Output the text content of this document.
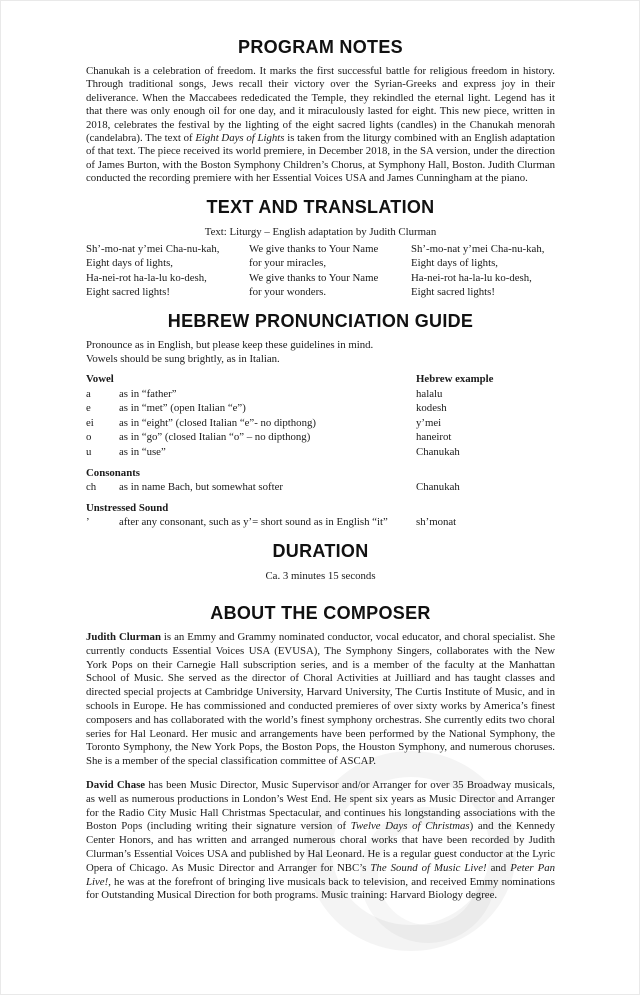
PROGRAM NOTES

Chanukah is a celebration of freedom. It marks the first successful battle for religious freedom in history. Through traditional songs, Jews recall their victory over the Syrian-Greeks and express joy in their deliverance. When the Maccabees rededicated the Temple, they rekindled the eternal light. Legend has it that there was only enough oil for one day, and it miraculously lasted for eight. This new piece, written in 2018, celebrates the festival by the lighting of the eight sacred lights (candles) in the Chanukah menorah (candelabra). The text of Eight Days of Lights is taken from the liturgy combined with an English adaptation of that text. The piece received its world premiere, in December 2018, in the SA version, under the direction of James Burton, with the Boston Symphony Children’s Chorus, at Symphony Hall, Boston. Judith Clurman conducted the recording premiere with her Essential Voices USA and James Cunningham at the piano.

TEXT AND TRANSLATION
Text: Liturgy – English adaptation by Judith Clurman
Sh’-mo-nat y’mei Cha-nu-kah,
Eight days of lights,
Ha-nei-rot ha-la-lu ko-desh,
Eight sacred lights!
We give thanks to Your Name
for your miracles,
We give thanks to Your Name
for your wonders.
Sh’-mo-nat y’mei Cha-nu-kah,
Eight days of lights,
Ha-nei-rot ha-la-lu ko-desh,
Eight sacred lights!
HEBREW PRONUNCIATION GUIDE
Pronounce as in English, but please keep these guidelines in mind.
Vowels should be sung brightly, as in Italian.
Vowel	Hebrew example
a	as in “father”	halalu
e	as in “met” (open Italian “e”)	kodesh
ei	as in “eight” (closed Italian “e”- no dipthong)	y’mei
o	as in “go” (closed Italian “o” – no dipthong)	haneirot
u	as in “use”	Chanukah
Consonants
ch	as in name Bach, but somewhat softer	Chanukah
Unstressed Sound
’	after any consonant, such as y’= short sound as in English “it”	sh’monat
DURATION
Ca. 3 minutes 15 seconds
ABOUT THE COMPOSER

Judith Clurman is an Emmy and Grammy nominated conductor, vocal educator, and choral specialist. She currently conducts Essential Voices USA (EVUSA), The Symphony Singers, collaborates with the New York Pops on their Carnegie Hall subscription series, and is a member of the faculty at the Manhattan School of Music. She served as the director of Choral Activities at Juilliard and has taught classes and directed special projects at Cambridge University, Harvard University, The Curtis Institute of Music, and in schools in Europe. He has commissioned and conducted premieres of over sixty works by America’s finest composers and has collaborated with the world’s finest symphony orchestras. She currently edits two choral series for Hal Leonard. Her music and arrangements have been performed by the National Symphony, the Toronto Symphony, the New York Pops, the Boston Pops, the Houston Symphony, and numerous choruses. She is a member of the special classification committee of ASCAP.

David Chase has been Music Director, Music Supervisor and/or Arranger for over 35 Broadway musicals, as well as numerous productions in London’s West End. He spent six years as Music Director and Arranger for the Radio City Music Hall Christmas Spectacular, and continues his longstanding associations with the Boston Pops (including writing their signature version of Twelve Days of Christmas) and the Kennedy Center Honors, and has written and arranged numerous choral works that have been recorded by Judith Clurman’s Essential Voices USA and published by Hal Leonard. He is a regular guest conductor at the Lyric Opera of Chicago. As Music Director and Arranger for NBC’s The Sound of Music Live! and Peter Pan Live!, he was at the forefront of bringing live musicals back to television, and received Emmy nominations for Outstanding Musical Direction for both programs. Music training: Harvard Biology degree.
